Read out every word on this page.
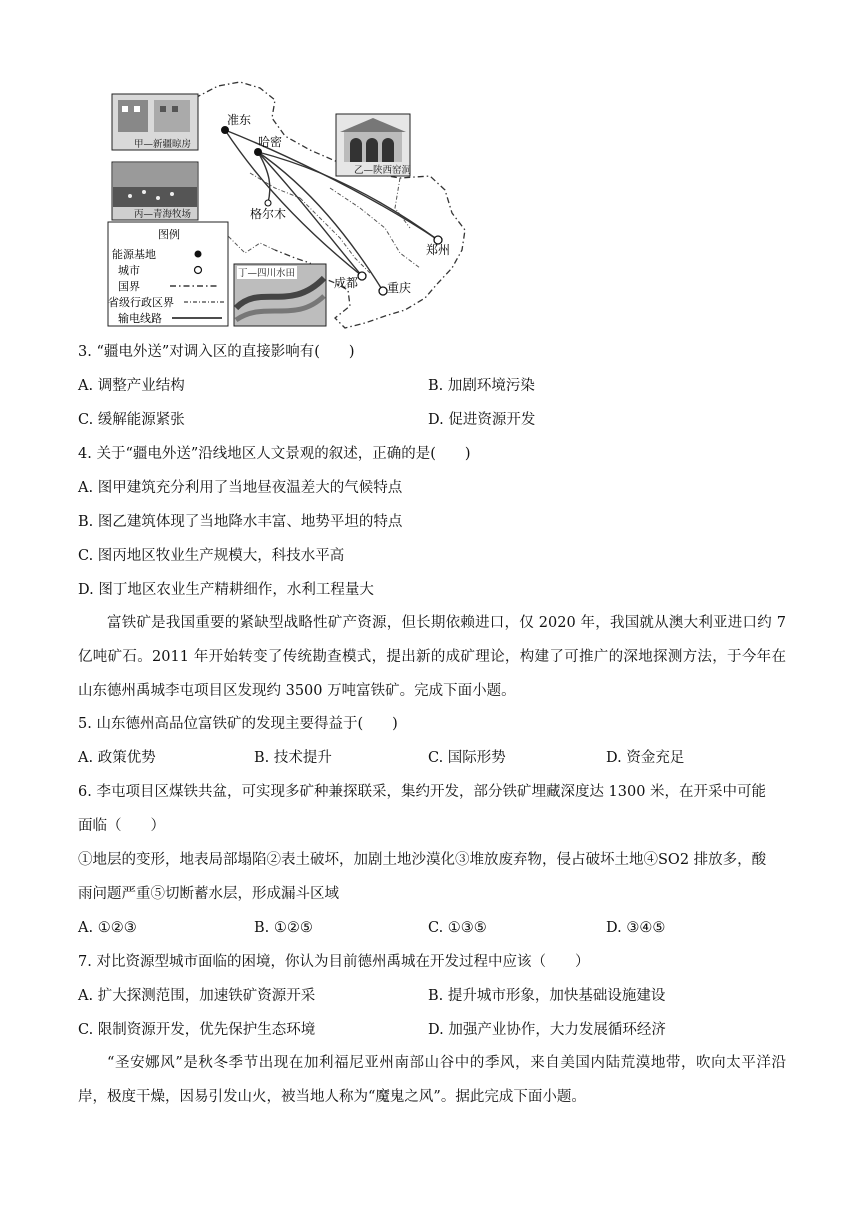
准东
哈密
格尔木
郑州
成都 重庆
甲—新疆晾房
乙—陕西窑洞
丙—青海牧场
丁—四川水田
图例
能源基地
城市
国界
省级行政区界
输电线路
3. “疆电外送”对调入区的直接影响有(　　)
A. 调整产业结构	B. 加剧环境污染
C. 缓解能源紧张	D. 促进资源开发
4. 关于“疆电外送”沿线地区人文景观的叙述，正确的是(　　)
A. 图甲建筑充分利用了当地昼夜温差大的气候特点
B. 图乙建筑体现了当地降水丰富、地势平坦的特点
C. 图丙地区牧业生产规模大，科技水平高
D. 图丁地区农业生产精耕细作，水利工程量大
富铁矿是我国重要的紧缺型战略性矿产资源，但长期依赖进口，仅 2020 年，我国就从澳大利亚进口约 7 亿吨矿石。2011 年开始转变了传统勘查模式，提出新的成矿理论，构建了可推广的深地探测方法，于今年在山东德州禹城李屯项目区发现约 3500 万吨富铁矿。完成下面小题。
5. 山东德州高品位富铁矿的发现主要得益于(　　)
A. 政策优势	B. 技术提升	C. 国际形势	D. 资金充足
6. 李屯项目区煤铁共盆，可实现多矿种兼探联采，集约开发，部分铁矿埋藏深度达 1300 米，在开采中可能
面临（　　）
①地层的变形，地表局部塌陷②表土破坏，加剧土地沙漠化③堆放废弃物，侵占破坏土地④SO2 排放多，酸
雨问题严重⑤切断蓄水层，形成漏斗区域
A. ①②③	B. ①②⑤	C. ①③⑤	D. ③④⑤
7. 对比资源型城市面临的困境，你认为目前德州禹城在开发过程中应该（　　）
A. 扩大探测范围，加速铁矿资源开采	B. 提升城市形象，加快基础设施建设
C. 限制资源开发，优先保护生态环境	D. 加强产业协作，大力发展循环经济
“圣安娜风”是秋冬季节出现在加利福尼亚州南部山谷中的季风，来自美国内陆荒漠地带，吹向太平洋沿岸，极度干燥，因易引发山火，被当地人称为“魔鬼之风”。据此完成下面小题。
